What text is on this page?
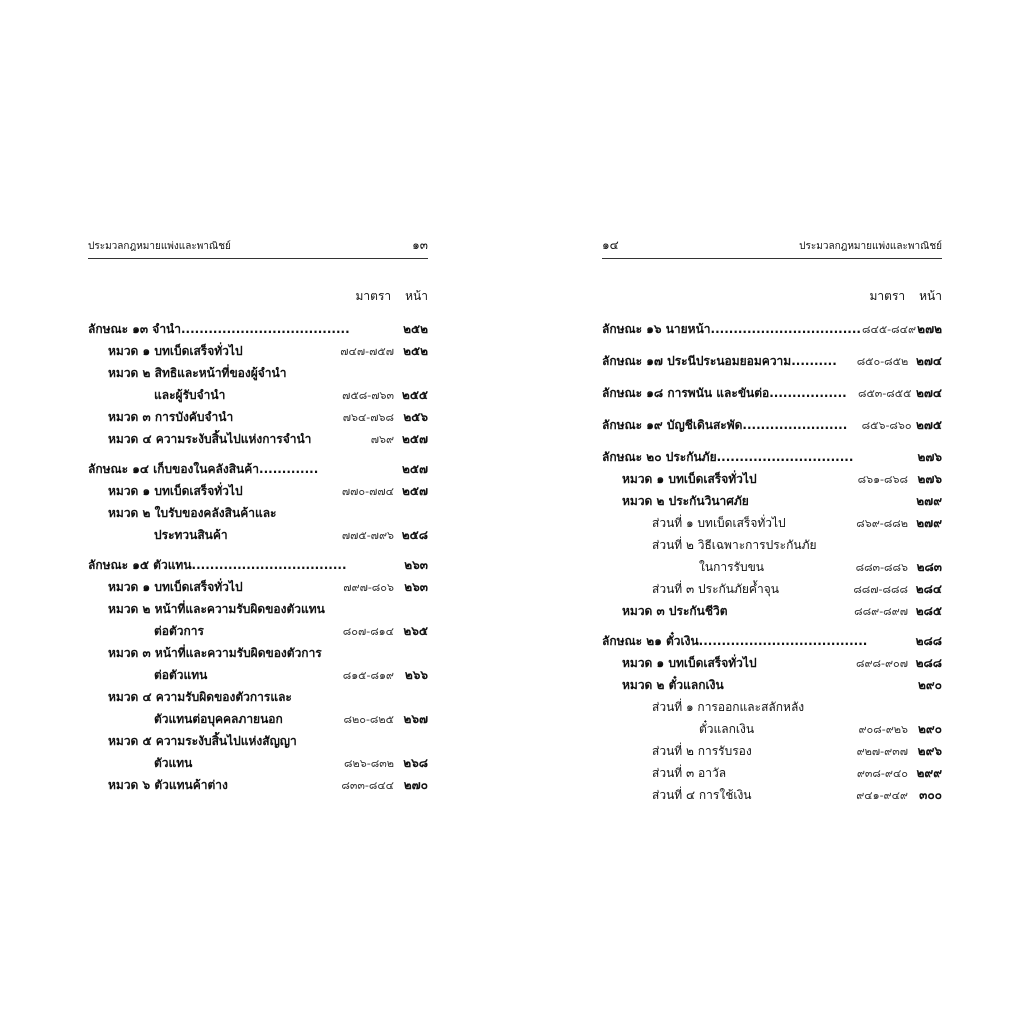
ประมวลกฎหมายแพ่งและพาณิชย์	๑๓
มาตรา หน้า
ลักษณะ ๑๓ จำนำ.....................................	๒๕๒
หมวด ๑ บทเบ็ดเสร็จทั่วไป	๗๔๗-๗๕๗ ๒๕๒
หมวด ๒ สิทธิและหน้าที่ของผู้จำนำ
และผู้รับจำนำ	๗๕๘-๗๖๓ ๒๕๕
หมวด ๓ การบังคับจำนำ	๗๖๔-๗๖๘ ๒๕๖
หมวด ๔ ความระงับสิ้นไปแห่งการจำนำ	๗๖๙ ๒๕๗
ลักษณะ ๑๔ เก็บของในคลังสินค้า.............	๒๕๗
หมวด ๑ บทเบ็ดเสร็จทั่วไป	๗๗๐-๗๗๔ ๒๕๗
หมวด ๒ ใบรับของคลังสินค้าและ
ประทวนสินค้า	๗๗๕-๗๙๖ ๒๕๘
ลักษณะ ๑๕ ตัวแทน..................................	๒๖๓
หมวด ๑ บทเบ็ดเสร็จทั่วไป	๗๙๗-๘๐๖ ๒๖๓
หมวด ๒ หน้าที่และความรับผิดของตัวแทน
ต่อตัวการ	๘๐๗-๘๑๔ ๒๖๕
หมวด ๓ หน้าที่และความรับผิดของตัวการ
ต่อตัวแทน	๘๑๕-๘๑๙ ๒๖๖
หมวด ๔ ความรับผิดของตัวการและ
ตัวแทนต่อบุคคลภายนอก	๘๒๐-๘๒๕ ๒๖๗
หมวด ๕ ความระงับสิ้นไปแห่งสัญญา
ตัวแทน	๘๒๖-๘๓๒ ๒๖๘
หมวด ๖ ตัวแทนค้าต่าง	๘๓๓-๘๔๔ ๒๗๐
๑๔	ประมวลกฎหมายแพ่งและพาณิชย์
มาตรา หน้า
ลักษณะ ๑๖ นายหน้า................................. ๘๔๕-๘๔๙ ๒๗๒
ลักษณะ ๑๗ ประนีประนอมยอมความ..........	๘๕๐-๘๕๒ ๒๗๔
ลักษณะ ๑๘ การพนัน และขันต่อ.................	๘๕๓-๘๕๕ ๒๗๔
ลักษณะ ๑๙ บัญชีเดินสะพัด.......................	๘๕๖-๘๖๐ ๒๗๕
ลักษณะ ๒๐ ประกันภัย..............................	๒๗๖
หมวด ๑ บทเบ็ดเสร็จทั่วไป	๘๖๑-๘๖๘ ๒๗๖
หมวด ๒ ประกันวินาศภัย	๒๗๙
ส่วนที่ ๑ บทเบ็ดเสร็จทั่วไป	๘๖๙-๘๘๒ ๒๗๙
ส่วนที่ ๒ วิธีเฉพาะการประกันภัย
ในการรับขน	๘๘๓-๘๘๖ ๒๘๓
ส่วนที่ ๓ ประกันภัยค้ำจุน	๘๘๗-๘๘๘ ๒๘๔
หมวด ๓ ประกันชีวิต	๘๘๙-๘๙๗ ๒๘๕
ลักษณะ ๒๑ ตั๋วเงิน.....................................	๒๘๘
หมวด ๑ บทเบ็ดเสร็จทั่วไป	๘๙๘-๙๐๗ ๒๘๘
หมวด ๒ ตั๋วแลกเงิน	๒๙๐
ส่วนที่ ๑ การออกและสลักหลัง
ตั๋วแลกเงิน	๙๐๘-๙๒๖ ๒๙๐
ส่วนที่ ๒ การรับรอง	๙๒๗-๙๓๗ ๒๙๖
ส่วนที่ ๓ อาวัล	๙๓๘-๙๔๐ ๒๙๙
ส่วนที่ ๔ การใช้เงิน	๙๔๑-๙๔๙ ๓๐๐
